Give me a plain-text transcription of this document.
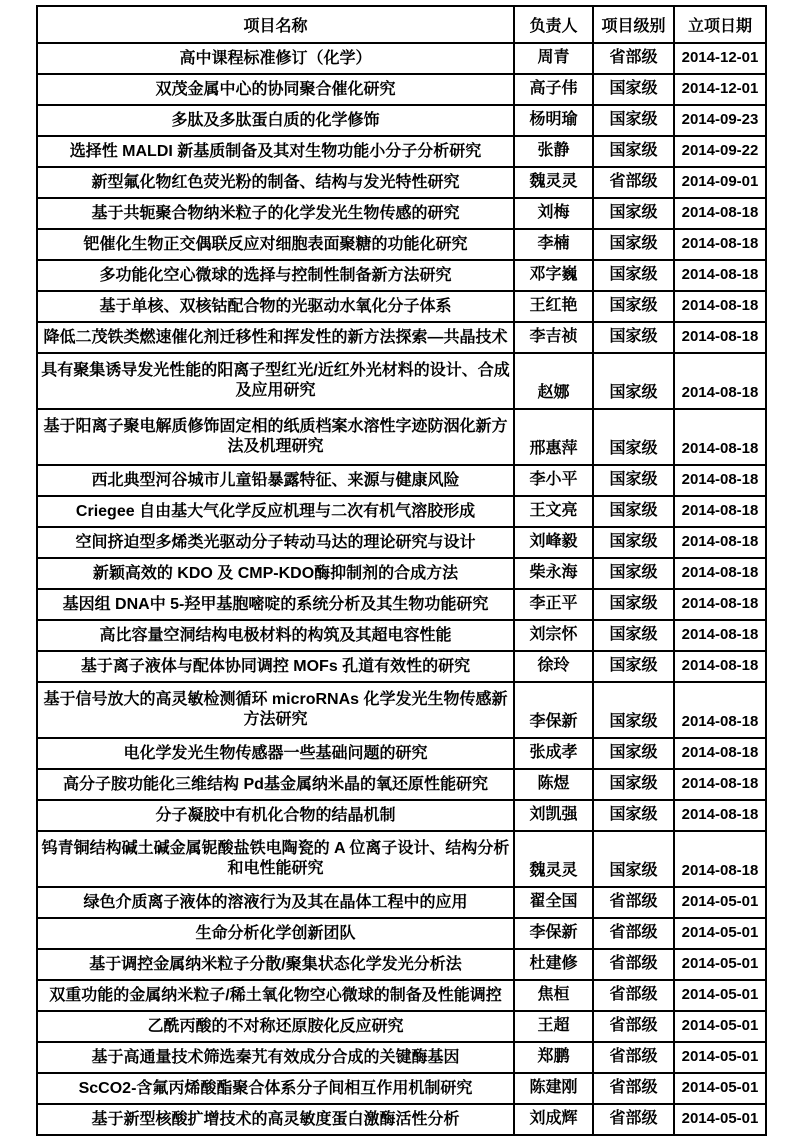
项目名称	负责人	项目级别	立项日期
高中课程标准修订（化学）	周青	省部级	2014-12-01
双茂金属中心的协同聚合催化研究	高子伟	国家级	2014-12-01
多肽及多肽蛋白质的化学修饰	杨明瑜	国家级	2014-09-23
选择性 MALDI 新基质制备及其对生物功能小分子分析研究	张静	国家级	2014-09-22
新型氟化物红色荧光粉的制备、结构与发光特性研究	魏灵灵	省部级	2014-09-01
基于共轭聚合物纳米粒子的化学发光生物传感的研究	刘梅	国家级	2014-08-18
钯催化生物正交偶联反应对细胞表面聚糖的功能化研究	李楠	国家级	2014-08-18
多功能化空心微球的选择与控制性制备新方法研究	邓字巍	国家级	2014-08-18
基于单核、双核钴配合物的光驱动水氧化分子体系	王红艳	国家级	2014-08-18
降低二茂铁类燃速催化剂迁移性和挥发性的新方法探索—共晶技术	李吉祯	国家级	2014-08-18
具有聚集诱导发光性能的阳离子型红光/近红外光材料的设计、合成及应用研究	赵娜	国家级	2014-08-18
基于阳离子聚电解质修饰固定相的纸质档案水溶性字迹防洇化新方法及机理研究	邢惠萍	国家级	2014-08-18
西北典型河谷城市儿童铅暴露特征、来源与健康风险	李小平	国家级	2014-08-18
Criegee 自由基大气化学反应机理与二次有机气溶胶形成	王文亮	国家级	2014-08-18
空间挤迫型多烯类光驱动分子转动马达的理论研究与设计	刘峰毅	国家级	2014-08-18
新颖高效的 KDO 及 CMP-KDO酶抑制剂的合成方法	柴永海	国家级	2014-08-18
基因组 DNA中 5-羟甲基胞嘧啶的系统分析及其生物功能研究	李正平	国家级	2014-08-18
高比容量空洞结构电极材料的构筑及其超电容性能	刘宗怀	国家级	2014-08-18
基于离子液体与配体协同调控 MOFs 孔道有效性的研究	徐玲	国家级	2014-08-18
基于信号放大的高灵敏检测循环 microRNAs 化学发光生物传感新方法研究	李保新	国家级	2014-08-18
电化学发光生物传感器一些基础问题的研究	张成孝	国家级	2014-08-18
高分子胺功能化三维结构 Pd基金属纳米晶的氧还原性能研究	陈煜	国家级	2014-08-18
分子凝胶中有机化合物的结晶机制	刘凯强	国家级	2014-08-18
钨青铜结构碱土碱金属铌酸盐铁电陶瓷的 A 位离子设计、结构分析和电性能研究	魏灵灵	国家级	2014-08-18
绿色介质离子液体的溶液行为及其在晶体工程中的应用	翟全国	省部级	2014-05-01
生命分析化学创新团队	李保新	省部级	2014-05-01
基于调控金属纳米粒子分散/聚集状态化学发光分析法	杜建修	省部级	2014-05-01
双重功能的金属纳米粒子/稀土氧化物空心微球的制备及性能调控	焦桓	省部级	2014-05-01
乙酰丙酸的不对称还原胺化反应研究	王超	省部级	2014-05-01
基于高通量技术筛选秦艽有效成分合成的关键酶基因	郑鹏	省部级	2014-05-01
ScCO2-含氟丙烯酸酯聚合体系分子间相互作用机制研究	陈建刚	省部级	2014-05-01
基于新型核酸扩增技术的高灵敏度蛋白激酶活性分析	刘成辉	省部级	2014-05-01
